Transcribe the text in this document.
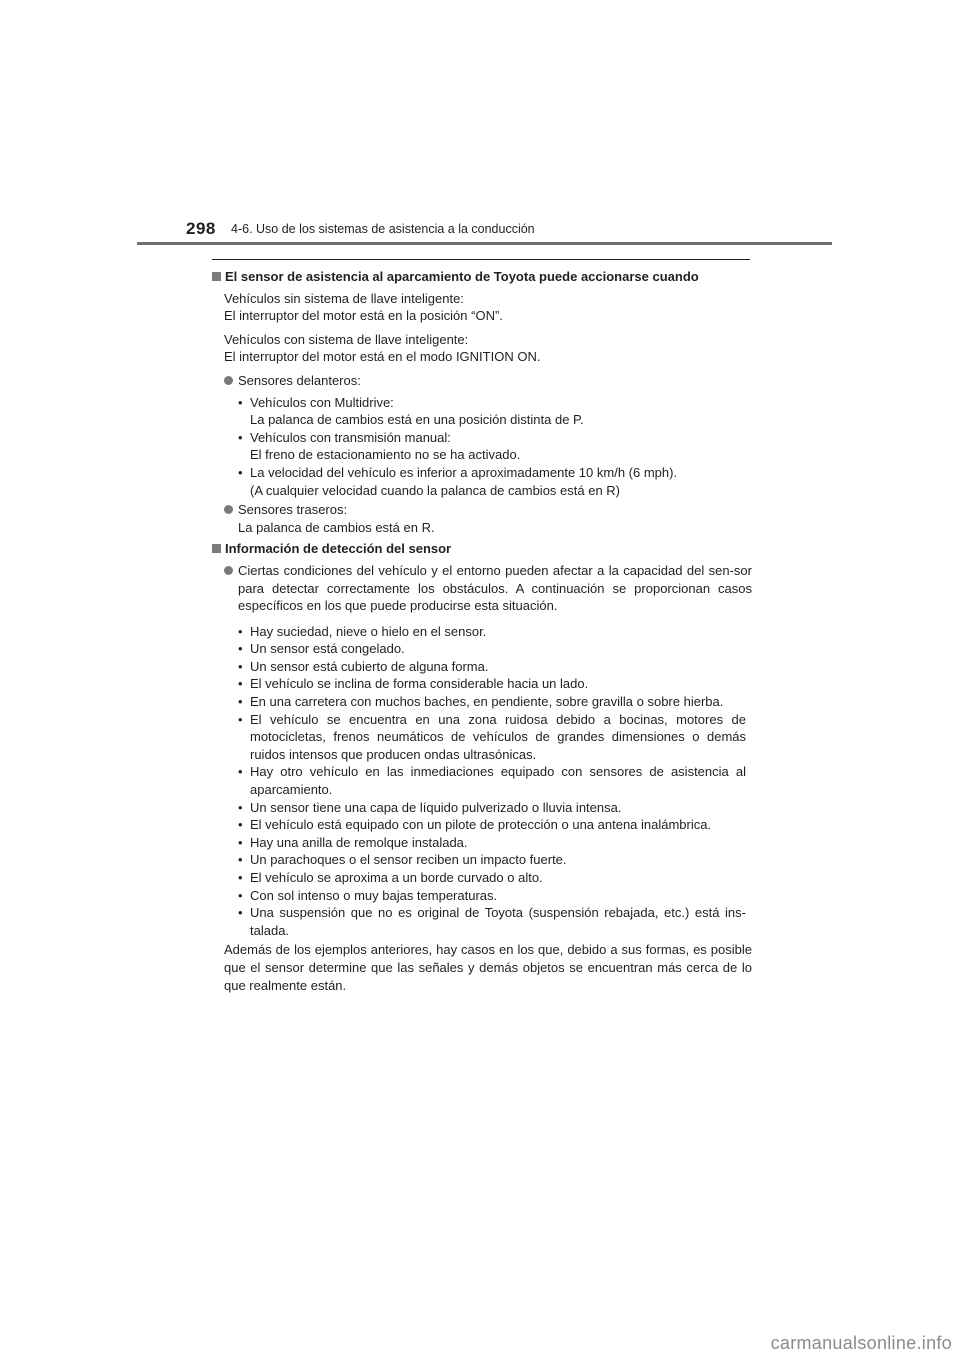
298 4-6. Uso de los sistemas de asistencia a la conducción
El sensor de asistencia al aparcamiento de Toyota puede accionarse cuando
Vehículos sin sistema de llave inteligente:
El interruptor del motor está en la posición “ON”.
Vehículos con sistema de llave inteligente:
El interruptor del motor está en el modo IGNITION ON.
Sensores delanteros:
• Vehículos con Multidrive:
La palanca de cambios está en una posición distinta de P.
• Vehículos con transmisión manual:
El freno de estacionamiento no se ha activado.
• La velocidad del vehículo es inferior a aproximadamente 10 km/h (6 mph).
(A cualquier velocidad cuando la palanca de cambios está en R)
Sensores traseros:
La palanca de cambios está en R.
Información de detección del sensor
Ciertas condiciones del vehículo y el entorno pueden afectar a la capacidad del sen-sor para detectar correctamente los obstáculos. A continuación se proporcionan casos específicos en los que puede producirse esta situación.
• Hay suciedad, nieve o hielo en el sensor.
• Un sensor está congelado.
• Un sensor está cubierto de alguna forma.
• El vehículo se inclina de forma considerable hacia un lado.
• En una carretera con muchos baches, en pendiente, sobre gravilla o sobre hierba.
• El vehículo se encuentra en una zona ruidosa debido a bocinas, motores de motocicletas, frenos neumáticos de vehículos de grandes dimensiones o demás ruidos intensos que producen ondas ultrasónicas.
• Hay otro vehículo en las inmediaciones equipado con sensores de asistencia al aparcamiento.
• Un sensor tiene una capa de líquido pulverizado o lluvia intensa.
• El vehículo está equipado con un pilote de protección o una antena inalámbrica.
• Hay una anilla de remolque instalada.
• Un parachoques o el sensor reciben un impacto fuerte.
• El vehículo se aproxima a un borde curvado o alto.
• Con sol intenso o muy bajas temperaturas.
• Una suspensión que no es original de Toyota (suspensión rebajada, etc.) está ins-talada.
Además de los ejemplos anteriores, hay casos en los que, debido a sus formas, es posible que el sensor determine que las señales y demás objetos se encuentran más cerca de lo que realmente están.
carmanualsonline.info
